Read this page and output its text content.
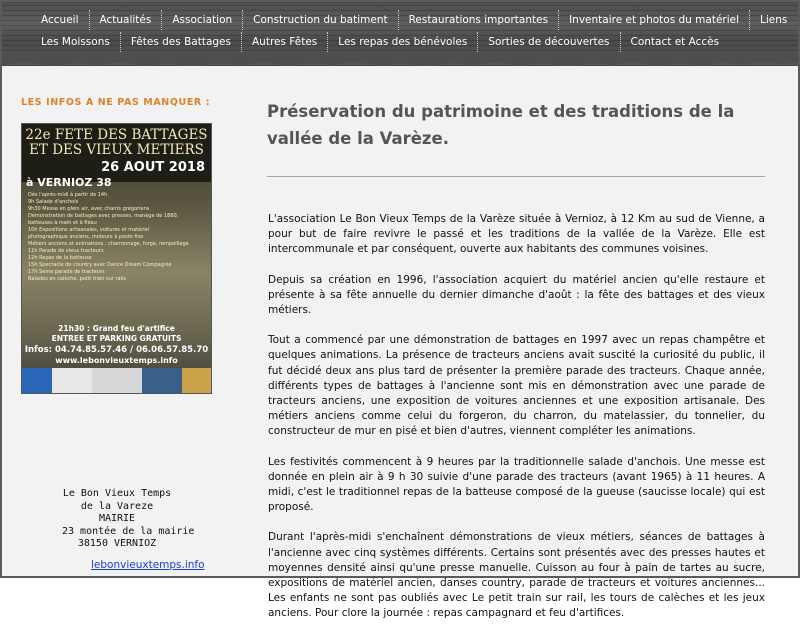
Accueil	Actualités	Association	Construction du batiment	Restaurations importantes	Inventaire et photos du matériel	Liens
Les Moissons	Fêtes des Battages	Autres Fêtes	Les repas des bénévoles	Sorties de découvertes	Contact et Accès
LES INFOS A NE PAS MANQUER :
22e FETE DES BATTAGES ET DES VIEUX METIERS
26 AOUT 2018
à VERNIOZ 38
Dès l'après-midi à partir de 14h
9h Salade d'anchois
9h30 Messe en plein air, avec chants grégoriens
Démonstration de battages avec presses, manège de 1880, batteuses à main et à fléau
10h Expositions artisanales, voitures et matériel
photographique anciens, moteurs à poste fixe
Métiers anciens et animations : charronnage, forge, rempaillage
11h Parade de vieux tracteurs
12h Repas de la batteuse
15h Spectacle de country avec Dance Dream Compagnie
17h Seme parade de tracteurs
Balades en calèche, petit train sur rails
21h30 : Grand feu d'artifice
ENTREE ET PARKING GRATUITS
Infos: 04.74.85.57.46 / 06.06.57.85.70
www.lebonvieuxtemps.info
Le Bon Vieux Temps
de la Vareze
MAIRIE
23 montée de la mairie
38150 VERNIOZ
lebonvieuxtemps.info
Préservation du patrimoine et des traditions de la vallée de la Varèze.

L'association Le Bon Vieux Temps de la Varèze située à Vernioz, à 12 Km au sud de Vienne, a pour but de faire revivre le passé et les traditions de la vallée de la Varèze. Elle est intercommunale et par conséquent, ouverte aux habitants des communes voisines.

Depuis sa création en 1996, l'association acquiert du matériel ancien qu'elle restaure et présente à sa fête annuelle du dernier dimanche d'août : la fête des battages et des vieux métiers.

Tout a commencé par une démonstration de battages en 1997 avec un repas champêtre et quelques animations. La présence de tracteurs anciens avait suscité la curiosité du public, il fut décidé deux ans plus tard de présenter la première parade des tracteurs. Chaque année, différents types de battages à l'ancienne sont mis en démonstration avec une parade de tracteurs anciens, une exposition de voitures anciennes et une exposition artisanale. Des métiers anciens comme celui du forgeron, du charron, du matelassier, du tonnelier, du constructeur de mur en pisé et bien d'autres, viennent compléter les animations.

Les festivités commencent à 9 heures par la traditionnelle salade d'anchois. Une messe est donnée en plein air à 9 h 30 suivie d'une parade des tracteurs (avant 1965) à 11 heures. A midi, c'est le traditionnel repas de la batteuse composé de la gueuse (saucisse locale) qui est proposé.

Durant l'après-midi s'enchaînent démonstrations de vieux métiers, séances de battages à l'ancienne avec cinq systèmes différents. Certains sont présentés avec des presses hautes et moyennes densité ainsi qu'une presse manuelle. Cuisson au four à pain de tartes au sucre, expositions de matériel ancien, danses country, parade de tracteurs et voitures anciennes... Les enfants ne sont pas oubliés avec Le petit train sur rail, les tours de calèches et les jeux anciens. Pour clore la journée : repas campagnard et feu d'artifices.
